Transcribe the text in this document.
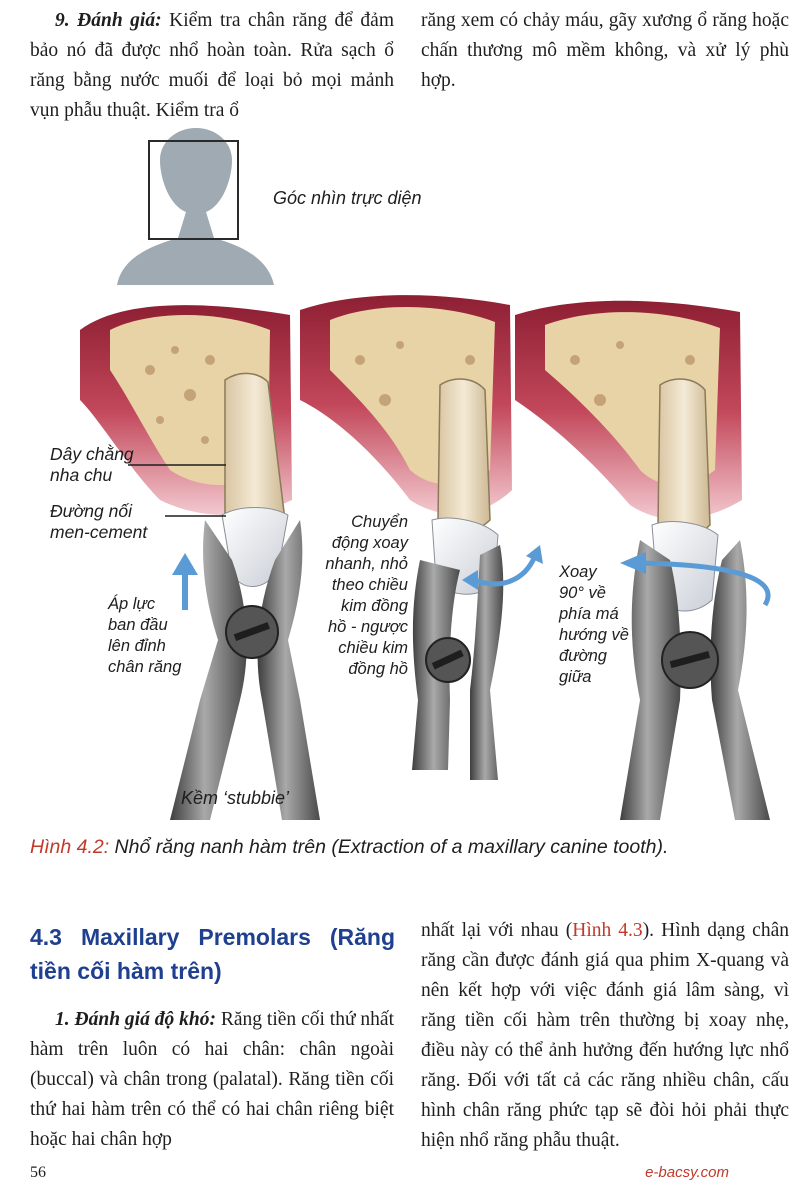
9. Đánh giá: Kiểm tra chân răng để đảm bảo nó đã được nhổ hoàn toàn. Rửa sạch ổ răng bằng nước muối để loại bỏ mọi mảnh vụn phẫu thuật. Kiểm tra ổ

răng xem có chảy máu, gãy xương ổ răng hoặc chấn thương mô mềm không, và xử lý phù hợp.

Góc nhìn trực diện
Dây chằng
nha chu
Đường nối
men-cement
Áp lực
ban đầu
lên đỉnh
chân răng
Chuyển
động xoay
nhanh, nhỏ
theo chiều
kim đồng
hồ - ngược
chiều kim
đồng hồ
Xoay
90° về
phía má
hướng về
đường
giữa
Kềm ‘stubbie’
Hình 4.2: Nhổ răng nanh hàm trên (Extraction of a maxillary canine tooth).
4.3 Maxillary Premolars (Răng tiền cối hàm trên)

1. Đánh giá độ khó: Răng tiền cối thứ nhất hàm trên luôn có hai chân: chân ngoài (buccal) và chân trong (palatal). Răng tiền cối thứ hai hàm trên có thể có hai chân riêng biệt hoặc hai chân hợp

nhất lại với nhau (Hình 4.3). Hình dạng chân răng cần được đánh giá qua phim X-quang và nên kết hợp với việc đánh giá lâm sàng, vì răng tiền cối hàm trên thường bị xoay nhẹ, điều này có thể ảnh hưởng đến hướng lực nhổ răng. Đối với tất cả các răng nhiều chân, cấu hình chân răng phức tạp sẽ đòi hỏi phải thực hiện nhổ răng phẫu thuật.

56	e-bacsy.com
